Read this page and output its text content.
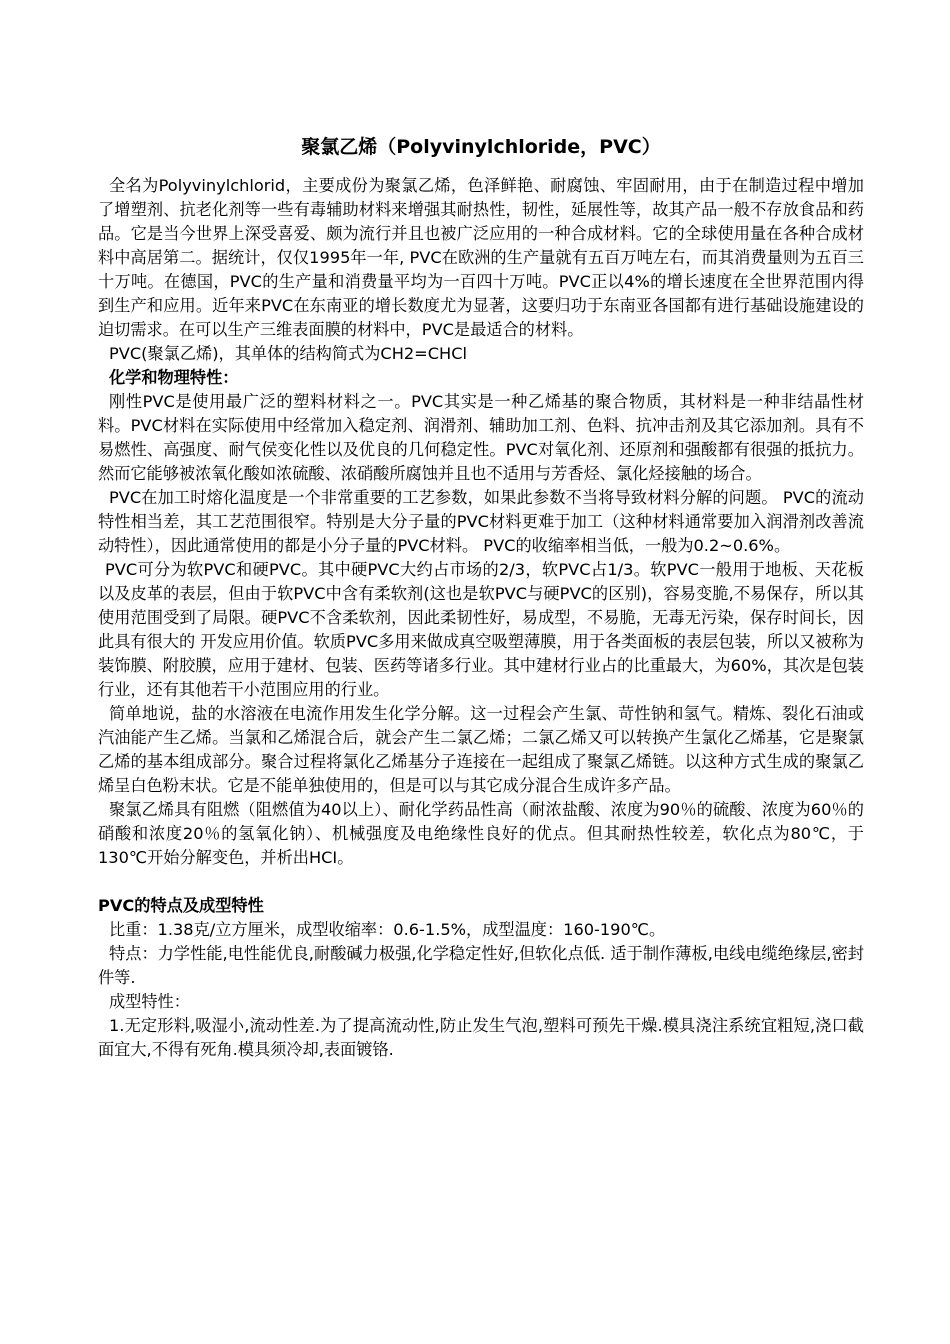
聚氯乙烯（Polyvinylchloride，PVC）

全名为Polyvinylchlorid，主要成份为聚氯乙烯，色泽鲜艳、耐腐蚀、牢固耐用，由于在制造过程中增加了增塑剂、抗老化剂等一些有毒辅助材料来增强其耐热性，韧性，延展性等，故其产品一般不存放食品和药品。它是当今世界上深受喜爱、颇为流行并且也被广泛应用的一种合成材料。它的全球使用量在各种合成材料中高居第二。据统计，仅仅1995年一年, PVC在欧洲的生产量就有五百万吨左右，而其消费量则为五百三十万吨。在德国，PVC的生产量和消费量平均为一百四十万吨。PVC正以4%的增长速度在全世界范围内得到生产和应用。近年来PVC在东南亚的增长数度尤为显著，这要归功于东南亚各国都有进行基础设施建设的迫切需求。在可以生产三维表面膜的材料中，PVC是最适合的材料。

PVC(聚氯乙烯)，其单体的结构简式为CH2=CHCl

化学和物理特性：

刚性PVC是使用最广泛的塑料材料之一。PVC其实是一种乙烯基的聚合物质，其材料是一种非结晶性材料。PVC材料在实际使用中经常加入稳定剂、润滑剂、辅助加工剂、色料、抗冲击剂及其它添加剂。具有不易燃性、高强度、耐气侯变化性以及优良的几何稳定性。PVC对氧化剂、还原剂和强酸都有很强的抵抗力。然而它能够被浓氧化酸如浓硫酸、浓硝酸所腐蚀并且也不适用与芳香烃、氯化烃接触的场合。

PVC在加工时熔化温度是一个非常重要的工艺参数，如果此参数不当将导致材料分解的问题。 PVC的流动特性相当差，其工艺范围很窄。特别是大分子量的PVC材料更难于加工（这种材料通常要加入润滑剂改善流动特性），因此通常使用的都是小分子量的PVC材料。 PVC的收缩率相当低，一般为0.2~0.6%。

PVC可分为软PVC和硬PVC。其中硬PVC大约占市场的2/3，软PVC占1/3。软PVC一般用于地板、天花板以及皮革的表层，但由于软PVC中含有柔软剂(这也是软PVC与硬PVC的区别)，容易变脆,不易保存，所以其使用范围受到了局限。硬PVC不含柔软剂，因此柔韧性好，易成型，不易脆，无毒无污染，保存时间长，因此具有很大的 开发应用价值。软质PVC多用来做成真空吸塑薄膜，用于各类面板的表层包装，所以又被称为装饰膜、附胶膜，应用于建材、包装、医药等诸多行业。其中建材行业占的比重最大，为60%，其次是包装行业，还有其他若干小范围应用的行业。

简单地说，盐的水溶液在电流作用发生化学分解。这一过程会产生氯、苛性钠和氢气。精炼、裂化石油或汽油能产生乙烯。当氯和乙烯混合后，就会产生二氯乙烯；二氯乙烯又可以转换产生氯化乙烯基，它是聚氯乙烯的基本组成部分。聚合过程将氯化乙烯基分子连接在一起组成了聚氯乙烯链。以这种方式生成的聚氯乙烯呈白色粉末状。它是不能单独使用的，但是可以与其它成分混合生成许多产品。

聚氯乙烯具有阻燃（阻燃值为40以上）、耐化学药品性高（耐浓盐酸、浓度为90％的硫酸、浓度为60％的硝酸和浓度20％的氢氧化钠）、机械强度及电绝缘性良好的优点。但其耐热性较差，软化点为80℃，于130℃开始分解变色，并析出HCI。

PVC的特点及成型特性

比重：1.38克/立方厘米，成型收缩率：0.6-1.5%，成型温度：160-190℃。

特点：力学性能,电性能优良,耐酸碱力极强,化学稳定性好,但软化点低. 适于制作薄板,电线电缆绝缘层,密封件等.

成型特性：

1.无定形料,吸湿小,流动性差.为了提高流动性,防止发生气泡,塑料可预先干燥.模具浇注系统宜粗短,浇口截面宜大,不得有死角.模具须冷却,表面镀铬.
